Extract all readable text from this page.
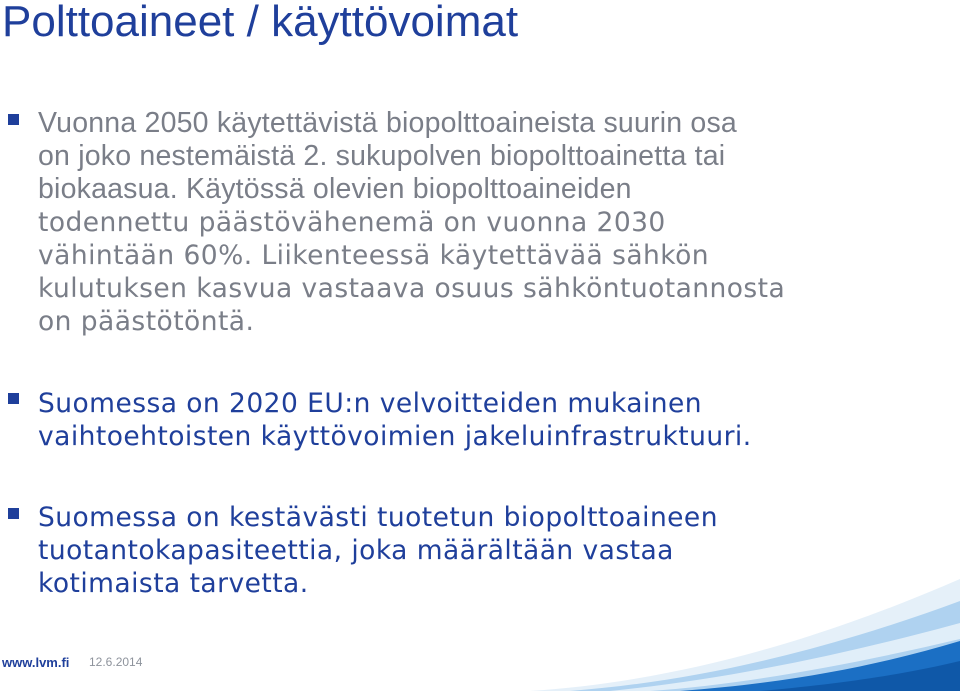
Polttoaineet / käyttövoimat

Vuonna 2050 käytettävistä biopolttoaineista suurin osa
on joko nestemäistä 2. sukupolven biopolttoainetta tai
biokaasua. Käytössä olevien biopolttoaineiden
todennettu päästövähenemä on vuonna 2030
vähintään 60%. Liikenteessä käytettävää sähkön
kulutuksen kasvua vastaava osuus sähköntuotannosta
on päästötöntä.

Suomessa on 2020 EU:n velvoitteiden mukainen
vaihtoehtoisten käyttövoimien jakeluinfrastruktuuri.

Suomessa on kestävästi tuotetun biopolttoaineen
tuotantokapasiteettia, joka määrältään vastaa
kotimaista tarvetta.

www.lvm.fi 12.6.2014
